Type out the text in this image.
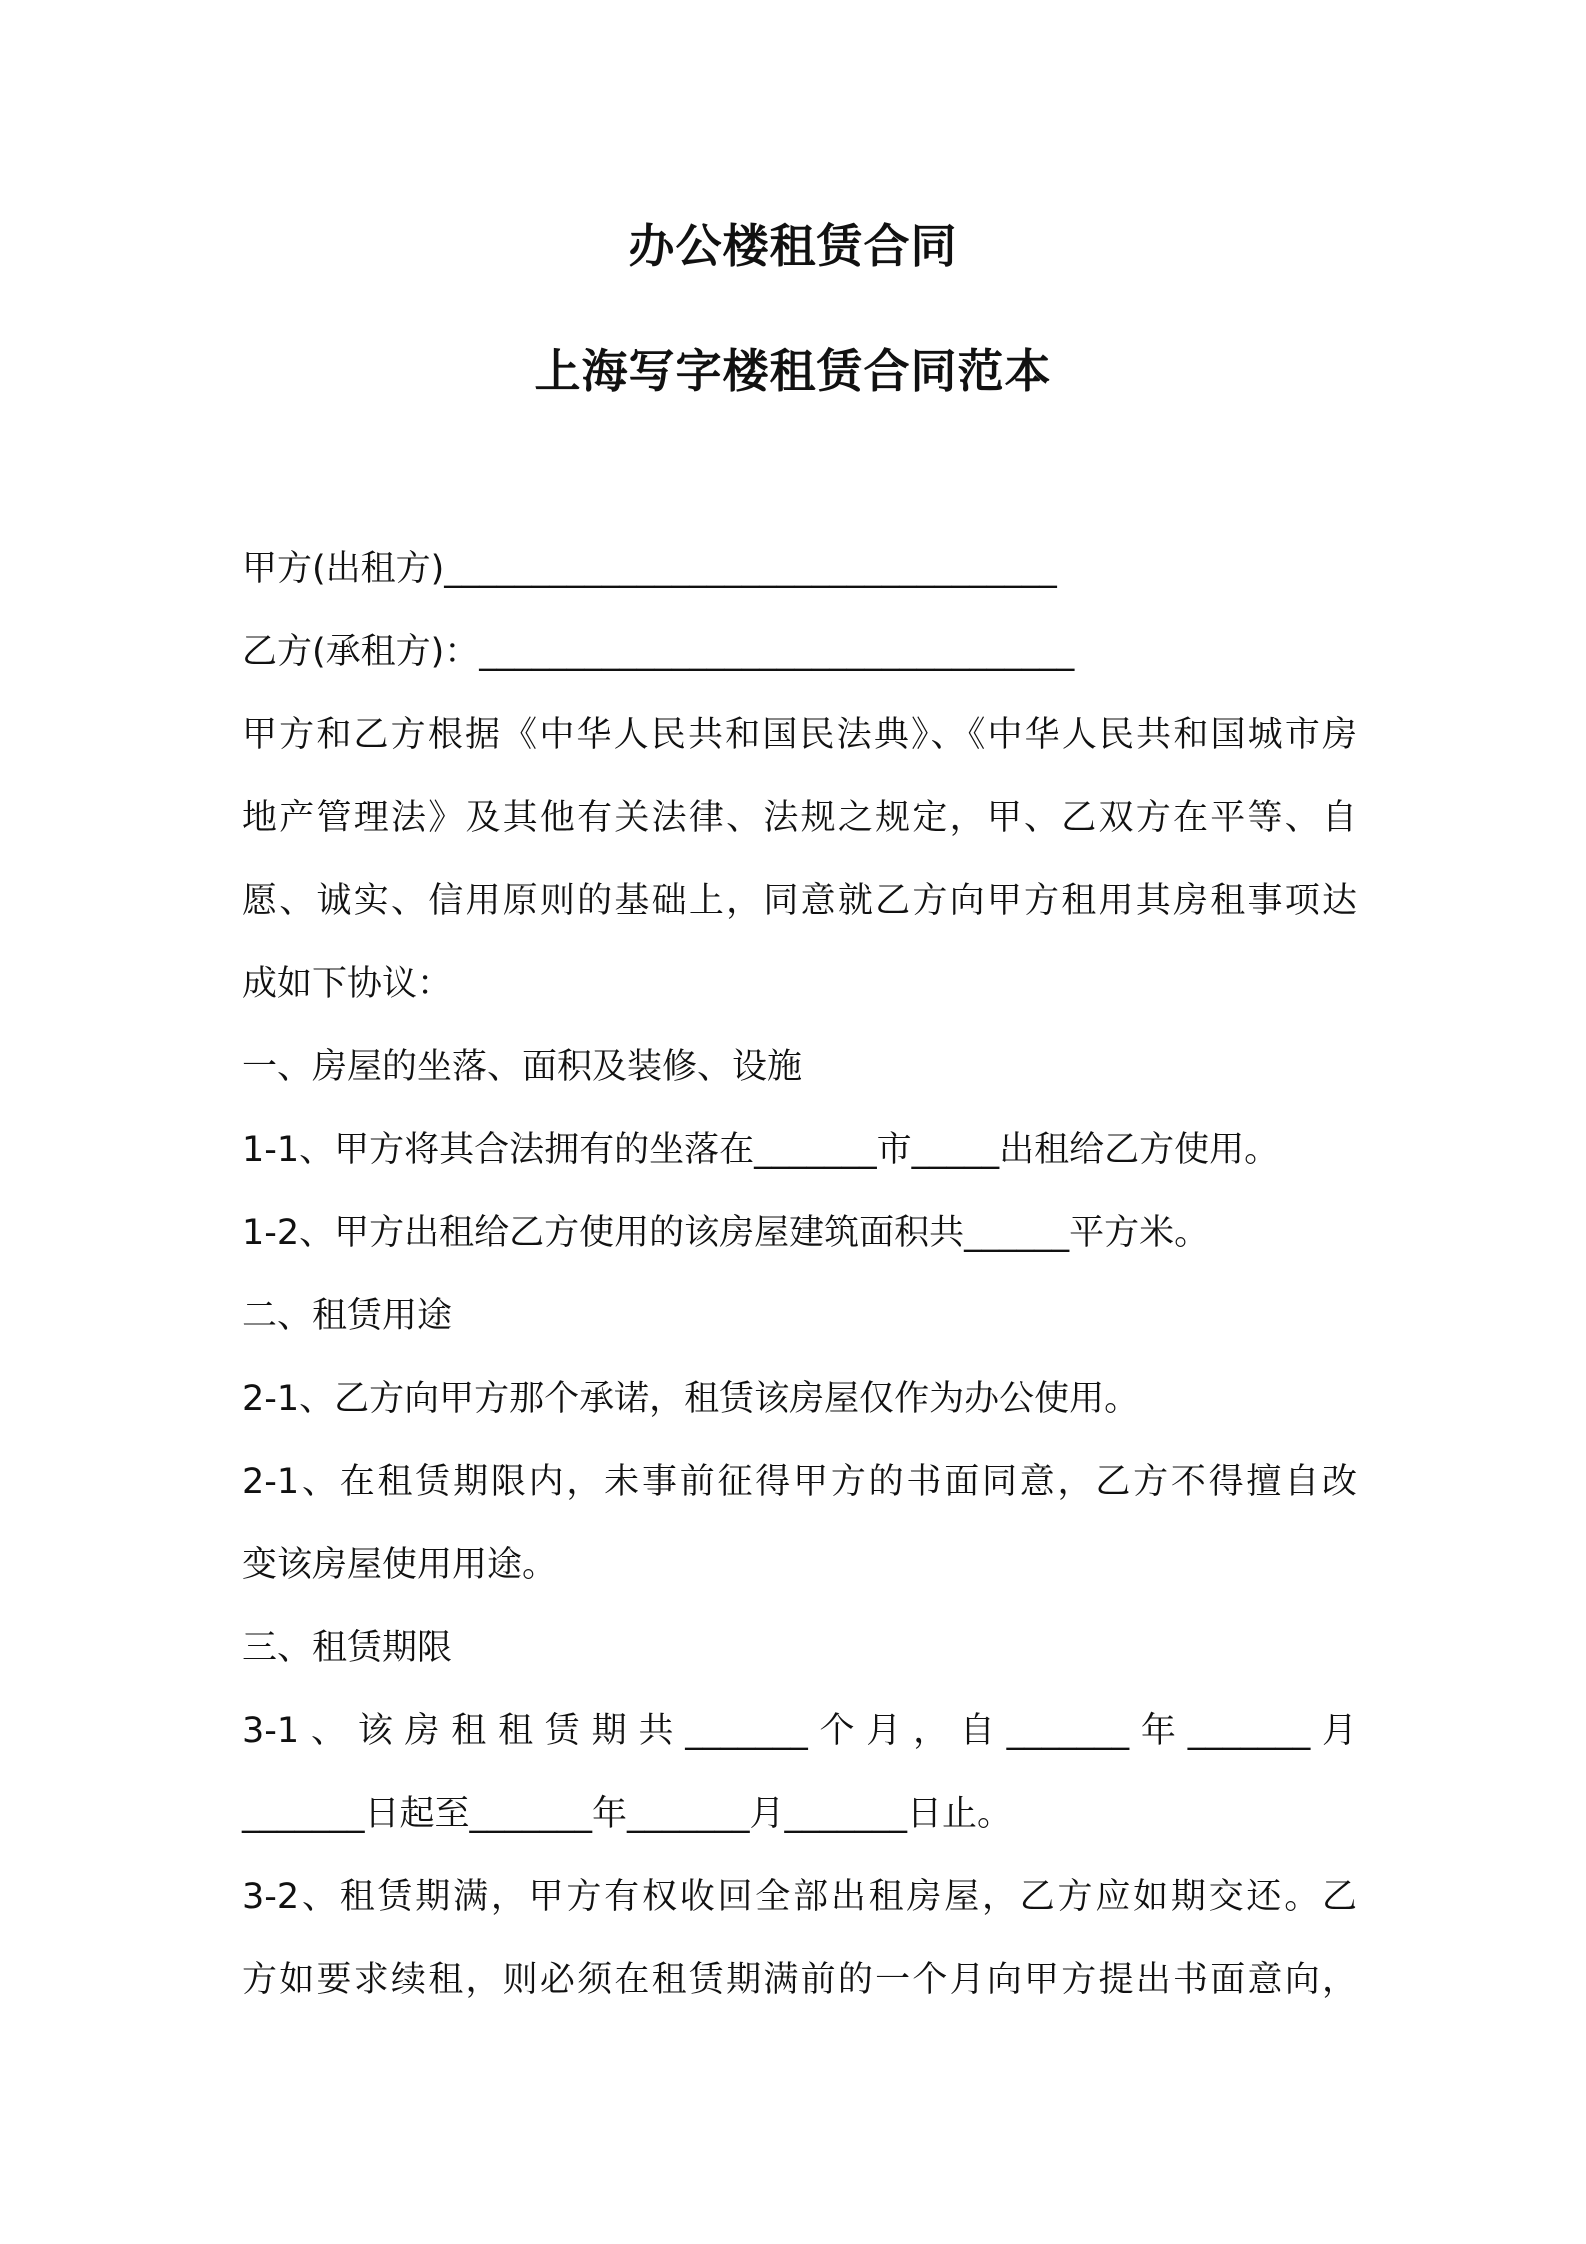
办公楼租赁合同
上海写字楼租赁合同范本
甲方(出租方)___________________________________
乙方(承租方)：__________________________________
甲方和乙方根据《中华人民共和国民法典》、《中华人民共和国城市房
地产管理法》及其他有关法律、法规之规定，甲、乙双方在平等、自
愿、诚实、信用原则的基础上，同意就乙方向甲方租用其房租事项达
成如下协议：
一、房屋的坐落、面积及装修、设施
1-1、甲方将其合法拥有的坐落在_______市_____出租给乙方使用。
1-2、甲方出租给乙方使用的该房屋建筑面积共______平方米。
二、租赁用途
2-1、乙方向甲方那个承诺，租赁该房屋仅作为办公使用。
2-1、在租赁期限内，未事前征得甲方的书面同意，乙方不得擅自改
变该房屋使用用途。
三、租赁期限
3-1、该房租租赁期共_______个月，自_______年_______月
_______日起至_______年_______月_______日止。
3-2、租赁期满，甲方有权收回全部出租房屋，乙方应如期交还。乙
方如要求续租，则必须在租赁期满前的一个月向甲方提出书面意向，
